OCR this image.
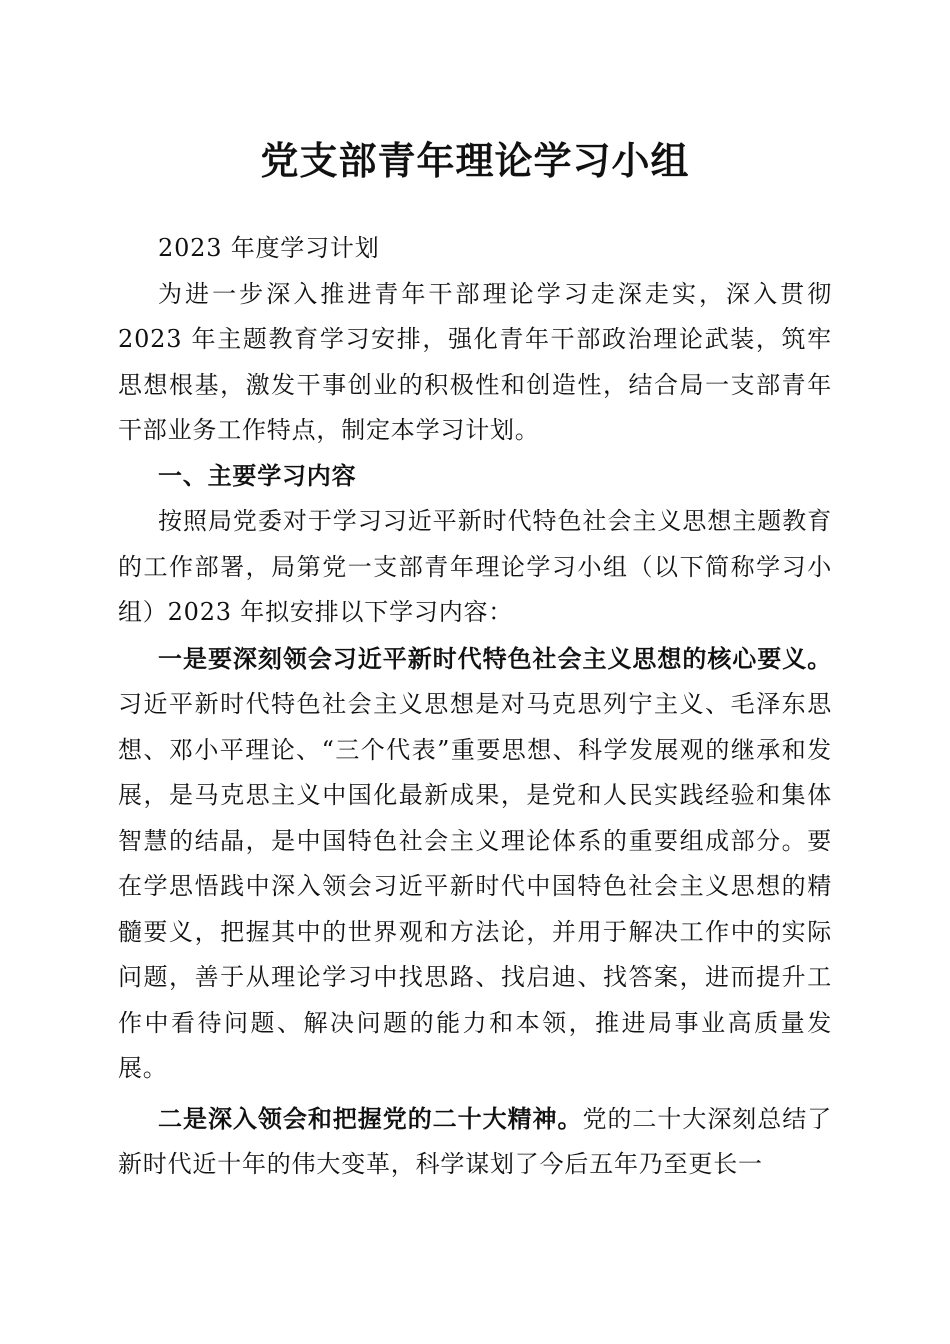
党支部青年理论学习小组

2023 年度学习计划

为进一步深入推进青年干部理论学习走深走实，深入贯彻2023 年主题教育学习安排，强化青年干部政治理论武装，筑牢思想根基，激发干事创业的积极性和创造性，结合局一支部青年干部业务工作特点，制定本学习计划。

一、主要学习内容

按照局党委对于学习习近平新时代特色社会主义思想主题教育的工作部署，局第党一支部青年理论学习小组（以下简称学习小组）2023 年拟安排以下学习内容：

一是要深刻领会习近平新时代特色社会主义思想的核心要义。习近平新时代特色社会主义思想是对马克思列宁主义、毛泽东思想、邓小平理论、“三个代表”重要思想、科学发展观的继承和发展，是马克思主义中国化最新成果，是党和人民实践经验和集体智慧的结晶，是中国特色社会主义理论体系的重要组成部分。要在学思悟践中深入领会习近平新时代中国特色社会主义思想的精髓要义，把握其中的世界观和方法论，并用于解决工作中的实际问题，善于从理论学习中找思路、找启迪、找答案，进而提升工作中看待问题、解决问题的能力和本领，推进局事业高质量发展。

二是深入领会和把握党的二十大精神。党的二十大深刻总结了新时代近十年的伟大变革，科学谋划了今后五年乃至更长一
